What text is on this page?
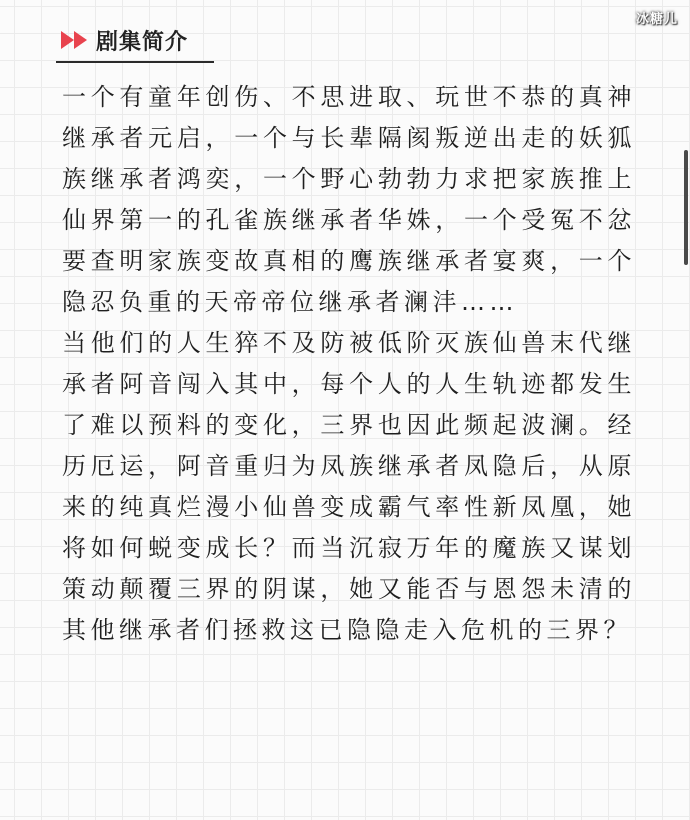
冰糖儿
剧集简介

一个有童年创伤、不思进取、玩世不恭的真神继承者元启，一个与长辈隔阂叛逆出走的妖狐族继承者鸿奕，一个野心勃勃力求把家族推上仙界第一的孔雀族继承者华姝，一个受冤不忿要查明家族变故真相的鹰族继承者宴爽，一个隐忍负重的天帝帝位继承者澜沣……

当他们的人生猝不及防被低阶灭族仙兽末代继承者阿音闯入其中，每个人的人生轨迹都发生了难以预料的变化，三界也因此频起波澜。经历厄运，阿音重归为凤族继承者凤隐后，从原来的纯真烂漫小仙兽变成霸气率性新凤凰，她将如何蜕变成长？而当沉寂万年的魔族又谋划策动颠覆三界的阴谋，她又能否与恩怨未清的其他继承者们拯救这已隐隐走入危机的三界？
